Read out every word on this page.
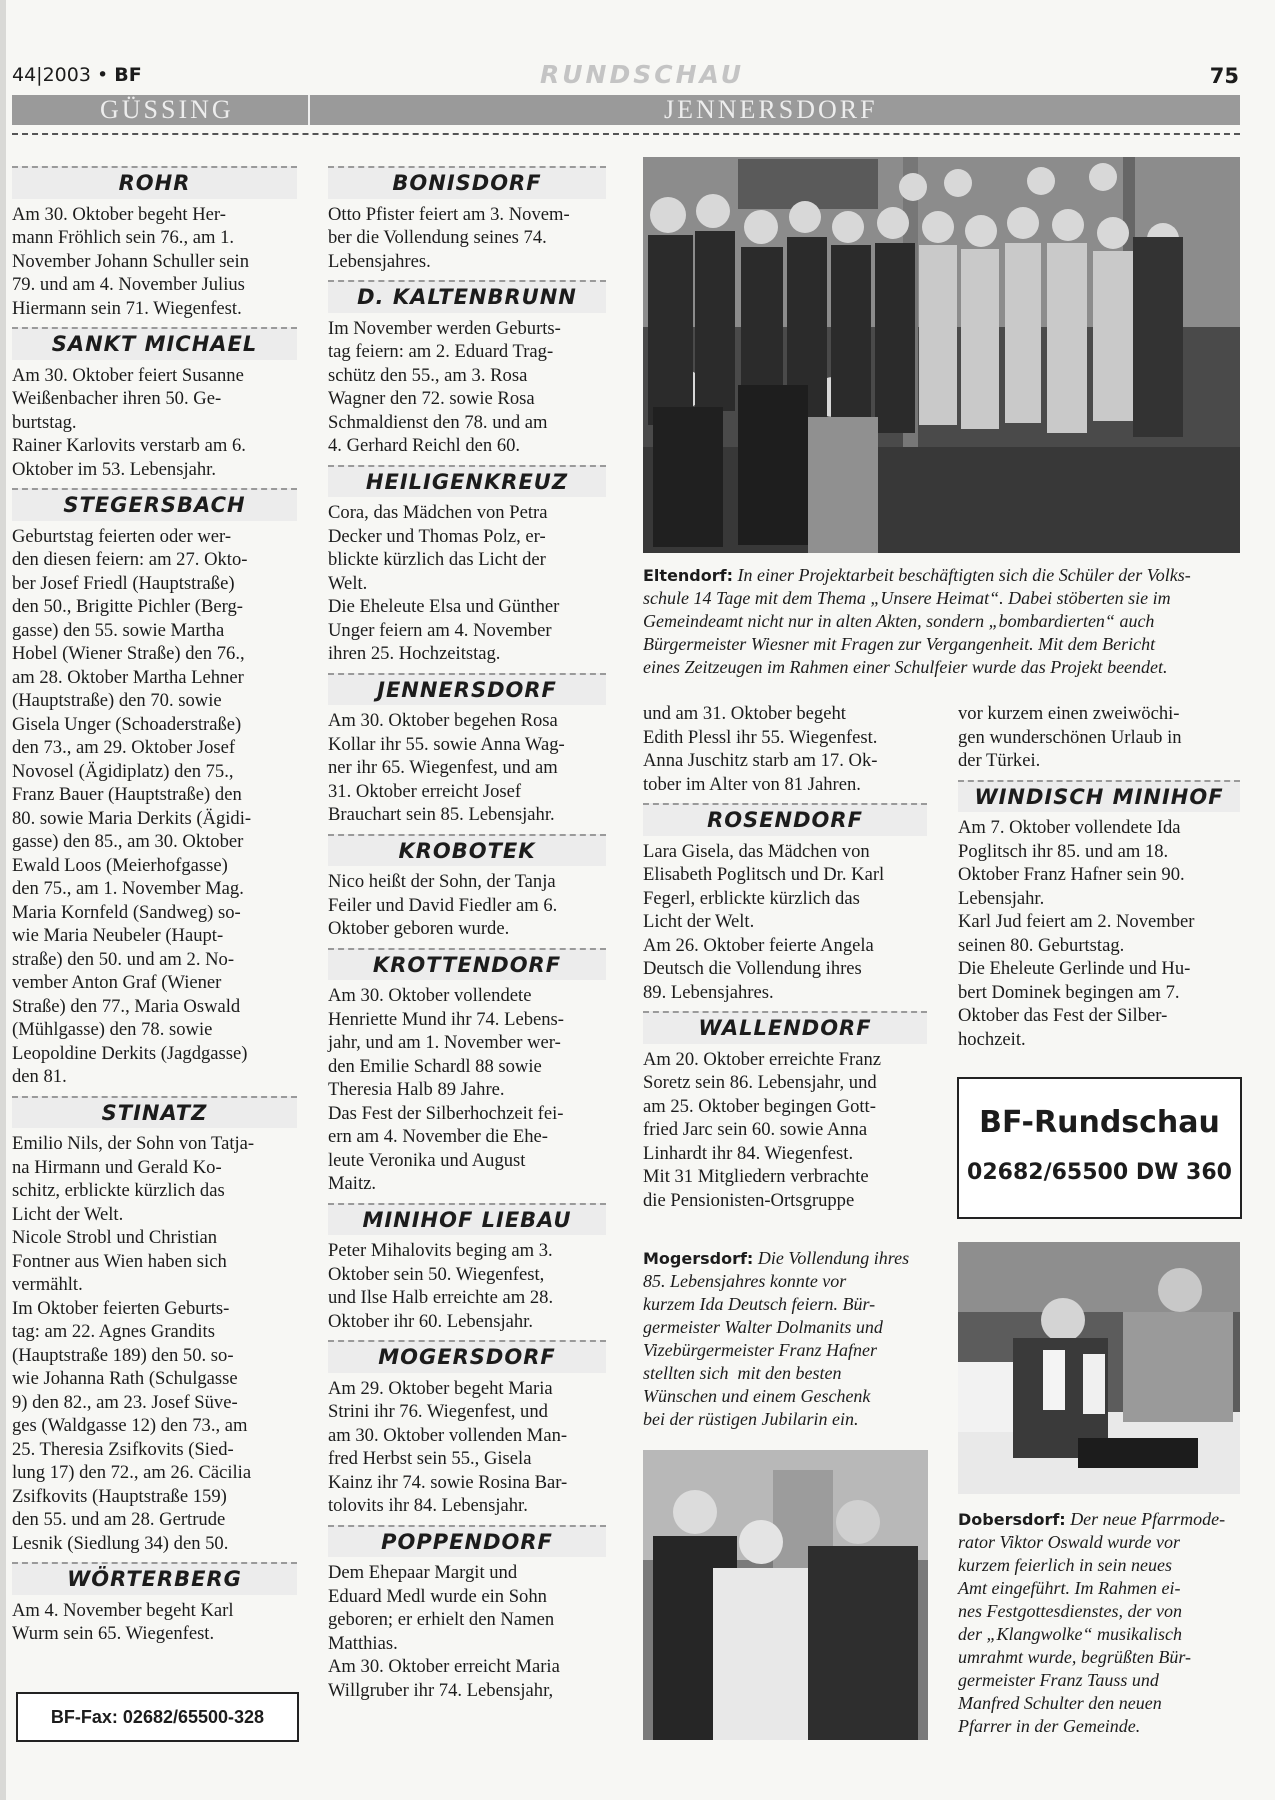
44|2003 • BF	RUNDSCHAU	75
GÜSSING	JENNERSDORF
ROHR

Am 30. Oktober begeht Her-
mann Fröhlich sein 76., am 1.
November Johann Schuller sein
79. und am 4. November Julius
Hiermann sein 71. Wiegenfest.

SANKT MICHAEL

Am 30. Oktober feiert Susanne
Weißenbacher ihren 50. Ge-
burtstag.
Rainer Karlovits verstarb am 6.
Oktober im 53. Lebensjahr.

STEGERSBACH

Geburtstag feierten oder wer-
den diesen feiern: am 27. Okto-
ber Josef Friedl (Hauptstraße)
den 50., Brigitte Pichler (Berg-
gasse) den 55. sowie Martha
Hobel (Wiener Straße) den 76.,
am 28. Oktober Martha Lehner
(Hauptstraße) den 70. sowie
Gisela Unger (Schoaderstraße)
den 73., am 29. Oktober Josef
Novosel (Ägidiplatz) den 75.,
Franz Bauer (Hauptstraße) den
80. sowie Maria Derkits (Ägidi-
gasse) den 85., am 30. Oktober
Ewald Loos (Meierhofgasse)
den 75., am 1. November Mag.
Maria Kornfeld (Sandweg) so-
wie Maria Neubeler (Haupt-
straße) den 50. und am 2. No-
vember Anton Graf (Wiener
Straße) den 77., Maria Oswald
(Mühlgasse) den 78. sowie
Leopoldine Derkits (Jagdgasse)
den 81.

STINATZ

Emilio Nils, der Sohn von Tatja-
na Hirmann und Gerald Ko-
schitz, erblickte kürzlich das
Licht der Welt.
Nicole Strobl und Christian
Fontner aus Wien haben sich
vermählt.
Im Oktober feierten Geburts-
tag: am 22. Agnes Grandits
(Hauptstraße 189) den 50. so-
wie Johanna Rath (Schulgasse
9) den 82., am 23. Josef Süve-
ges (Waldgasse 12) den 73., am
25. Theresia Zsifkovits (Sied-
lung 17) den 72., am 26. Cäcilia
Zsifkovits (Hauptstraße 159)
den 55. und am 28. Gertrude
Lesnik (Siedlung 34) den 50.

WÖRTERBERG

Am 4. November begeht Karl
Wurm sein 65. Wiegenfest.

BF-Fax: 02682/65500-328
BONISDORF

Otto Pfister feiert am 3. Novem-
ber die Vollendung seines 74.
Lebensjahres.

D. KALTENBRUNN

Im November werden Geburts-
tag feiern: am 2. Eduard Trag-
schütz den 55., am 3. Rosa
Wagner den 72. sowie Rosa
Schmaldienst den 78. und am
4. Gerhard Reichl den 60.

HEILIGENKREUZ

Cora, das Mädchen von Petra
Decker und Thomas Polz, er-
blickte kürzlich das Licht der
Welt.
Die Eheleute Elsa und Günther
Unger feiern am 4. November
ihren 25. Hochzeitstag.

JENNERSDORF

Am 30. Oktober begehen Rosa
Kollar ihr 55. sowie Anna Wag-
ner ihr 65. Wiegenfest, und am
31. Oktober erreicht Josef
Brauchart sein 85. Lebensjahr.

KROBOTEK

Nico heißt der Sohn, der Tanja
Feiler und David Fiedler am 6.
Oktober geboren wurde.

KROTTENDORF

Am 30. Oktober vollendete
Henriette Mund ihr 74. Lebens-
jahr, und am 1. November wer-
den Emilie Schardl 88 sowie
Theresia Halb 89 Jahre.
Das Fest der Silberhochzeit fei-
ern am 4. November die Ehe-
leute Veronika und August
Maitz.

MINIHOF LIEBAU

Peter Mihalovits beging am 3.
Oktober sein 50. Wiegenfest,
und Ilse Halb erreichte am 28.
Oktober ihr 60. Lebensjahr.

MOGERSDORF

Am 29. Oktober begeht Maria
Strini ihr 76. Wiegenfest, und
am 30. Oktober vollenden Man-
fred Herbst sein 55., Gisela
Kainz ihr 74. sowie Rosina Bar-
tolovits ihr 84. Lebensjahr.

POPPENDORF

Dem Ehepaar Margit und
Eduard Medl wurde ein Sohn
geboren; er erhielt den Namen
Matthias.
Am 30. Oktober erreicht Maria
Willgruber ihr 74. Lebensjahr,

Eltendorf: In einer Projektarbeit beschäftigten sich die Schüler der Volks-
schule 14 Tage mit dem Thema „Unsere Heimat“. Dabei stöberten sie im
Gemeindeamt nicht nur in alten Akten, sondern „bombardierten“ auch
Bürgermeister Wiesner mit Fragen zur Vergangenheit. Mit dem Bericht
eines Zeitzeugen im Rahmen einer Schulfeier wurde das Projekt beendet.

und am 31. Oktober begeht
Edith Plessl ihr 55. Wiegenfest.
Anna Juschitz starb am 17. Ok-
tober im Alter von 81 Jahren.

ROSENDORF

Lara Gisela, das Mädchen von
Elisabeth Poglitsch und Dr. Karl
Fegerl, erblickte kürzlich das
Licht der Welt.
Am 26. Oktober feierte Angela
Deutsch die Vollendung ihres
89. Lebensjahres.

WALLENDORF

Am 20. Oktober erreichte Franz
Soretz sein 86. Lebensjahr, und
am 25. Oktober begingen Gott-
fried Jarc sein 60. sowie Anna
Linhardt ihr 84. Wiegenfest.
Mit 31 Mitgliedern verbrachte
die Pensionisten-Ortsgruppe

Mogersdorf: Die Vollendung ihres
85. Lebensjahres konnte vor
kurzem Ida Deutsch feiern. Bür-
germeister Walter Dolmanits und
Vizebürgermeister Franz Hafner
stellten sich  mit den besten
Wünschen und einem Geschenk
bei der rüstigen Jubilarin ein.

vor kurzem einen zweiwöchi-
gen wunderschönen Urlaub in
der Türkei.

WINDISCH MINIHOF

Am 7. Oktober vollendete Ida
Poglitsch ihr 85. und am 18.
Oktober Franz Hafner sein 90.
Lebensjahr.
Karl Jud feiert am 2. November
seinen 80. Geburtstag.
Die Eheleute Gerlinde und Hu-
bert Dominek begingen am 7.
Oktober das Fest der Silber-
hochzeit.

BF-Rundschau
02682/65500 DW 360
Dobersdorf: Der neue Pfarrmode-
rator Viktor Oswald wurde vor
kurzem feierlich in sein neues
Amt eingeführt. Im Rahmen ei-
nes Festgottesdienstes, der von
der „Klangwolke“ musikalisch
umrahmt wurde, begrüßten Bür-
germeister Franz Tauss und
Manfred Schulter den neuen
Pfarrer in der Gemeinde.
